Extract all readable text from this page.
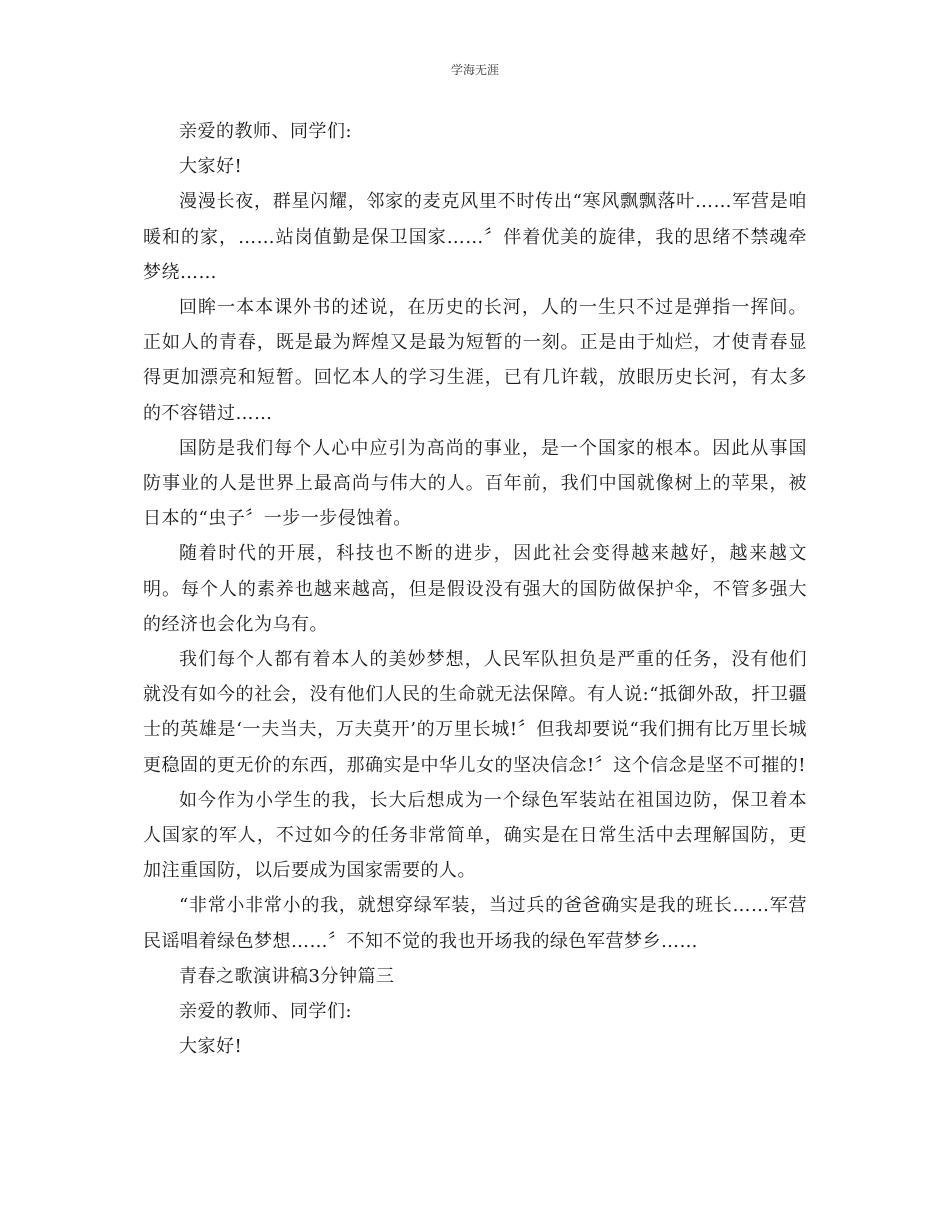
学海无涯

亲爱的教师、同学们:

大家好!

漫漫长夜，群星闪耀，邻家的麦克风里不时传出“寒风飘飘落叶……军营是咱暖和的家，……站岗值勤是保卫国家……〞伴着优美的旋律，我的思绪不禁魂牵梦绕……

回眸一本本课外书的述说，在历史的长河，人的一生只不过是弹指一挥间。正如人的青春，既是最为辉煌又是最为短暂的一刻。正是由于灿烂，才使青春显得更加漂亮和短暂。回忆本人的学习生涯，已有几许载，放眼历史长河，有太多的不容错过……

国防是我们每个人心中应引为高尚的事业，是一个国家的根本。因此从事国防事业的人是世界上最高尚与伟大的人。百年前，我们中国就像树上的苹果，被日本的“虫子〞一步一步侵蚀着。

随着时代的开展，科技也不断的进步，因此社会变得越来越好，越来越文明。每个人的素养也越来越高，但是假设没有强大的国防做保护伞，不管多强大的经济也会化为乌有。

我们每个人都有着本人的美妙梦想，人民军队担负是严重的任务，没有他们就没有如今的社会，没有他们人民的生命就无法保障。有人说:“抵御外敌，扞卫疆士的英雄是‘一夫当夫，万夫莫开’的万里长城!〞但我却要说“我们拥有比万里长城更稳固的更无价的东西，那确实是中华儿女的坚决信念!〞这个信念是坚不可摧的!

如今作为小学生的我，长大后想成为一个绿色军装站在祖国边防，保卫着本人国家的军人，不过如今的任务非常简单，确实是在日常生活中去理解国防，更加注重国防，以后要成为国家需要的人。

“非常小非常小的我，就想穿绿军装，当过兵的爸爸确实是我的班长……军营民谣唱着绿色梦想……〞不知不觉的我也开场我的绿色军营梦乡……

青春之歌演讲稿3分钟篇三

亲爱的教师、同学们:

大家好!
